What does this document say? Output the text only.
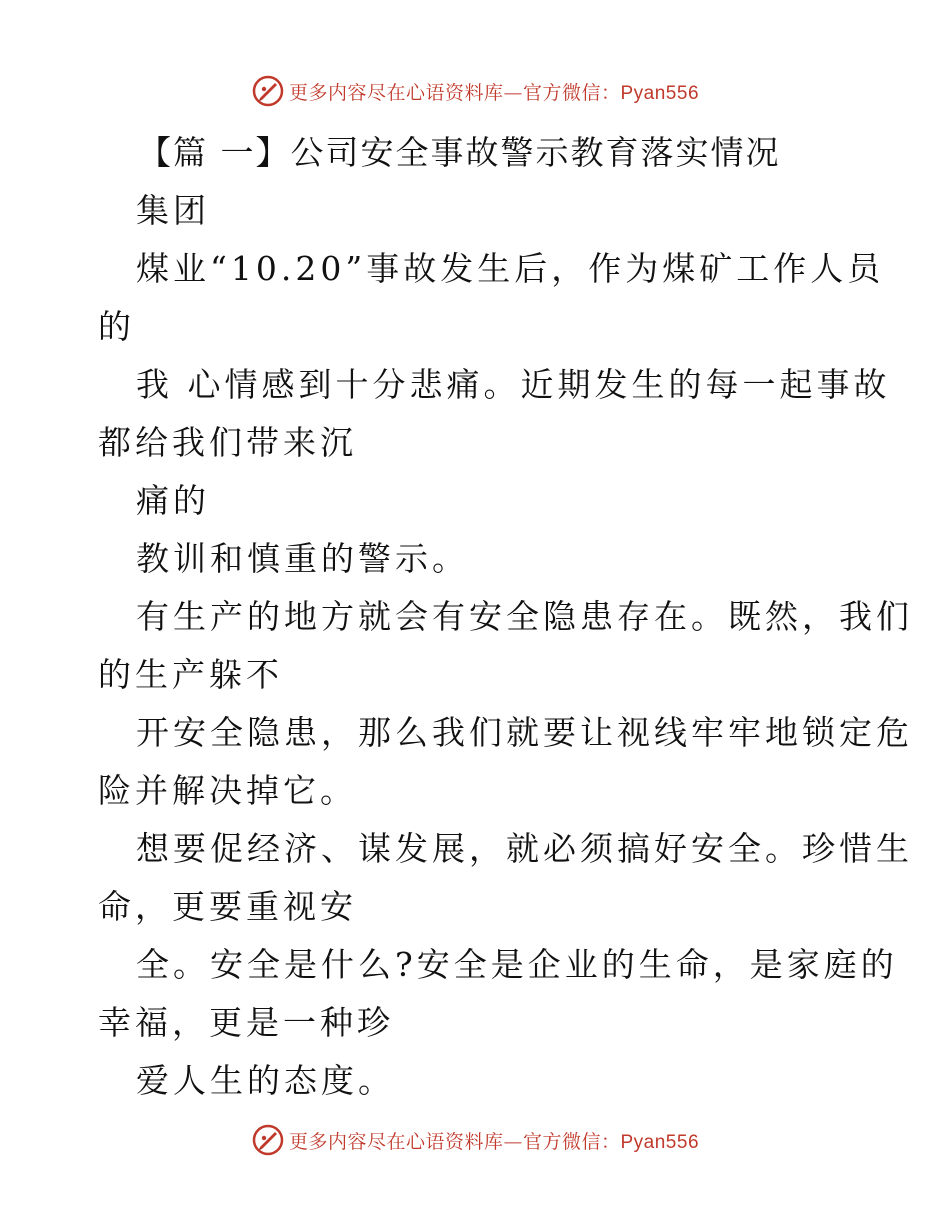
更多内容尽在心语资料库—官方微信：Pyan556
【篇 一】公司安全事故警示教育落实情况
集团
煤业“10.20”事故发生后，作为煤矿工作人员
的
我 心情感到十分悲痛。近期发生的每一起事故
都给我们带来沉
痛的
教训和慎重的警示。
有生产的地方就会有安全隐患存在。既然，我们
的生产躲不
开安全隐患，那么我们就要让视线牢牢地锁定危
险并解决掉它。
想要促经济、谋发展，就必须搞好安全。珍惜生
命，更要重视安
全。安全是什么?安全是企业的生命，是家庭的
幸福，更是一种珍
爱人生的态度。
更多内容尽在心语资料库—官方微信：Pyan556
